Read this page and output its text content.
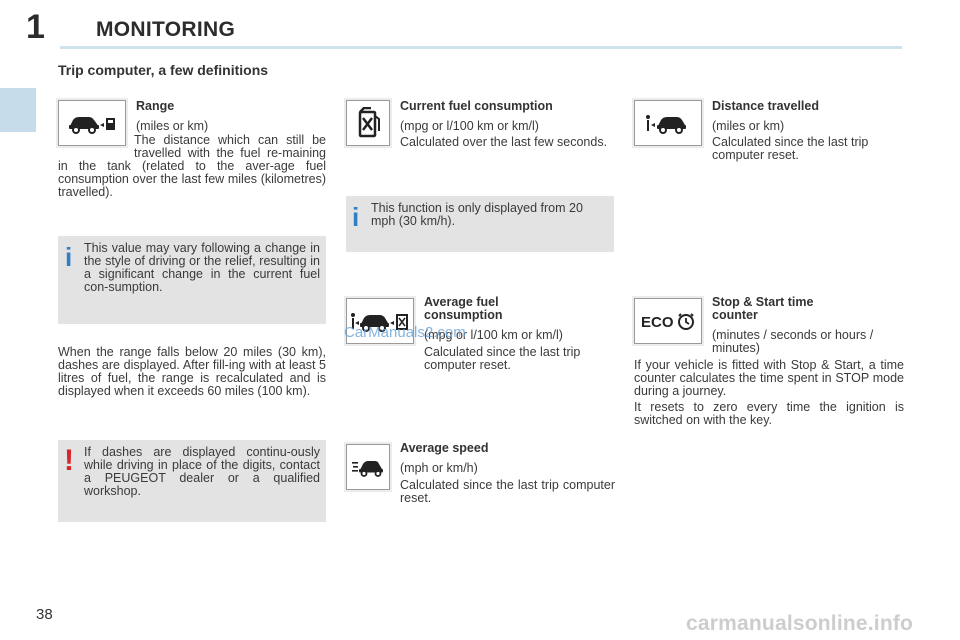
1 MONITORING
Trip computer, a few definitions
Range
(miles or km)
The distance which can still be travelled with the fuel re-maining in the tank (related to the aver-age fuel consumption over the last few miles (kilometres) travelled).
i This value may vary following a change in the style of driving or the relief, resulting in a significant change in the current fuel con-sumption.
When the range falls below 20 miles (30 km), dashes are displayed. After fill-ing with at least 5 litres of fuel, the range is recalculated and is displayed when it exceeds 60 miles (100 km).
! If dashes are displayed continu-ously while driving in place of the digits, contact a PEUGEOT dealer or a qualified workshop.
Current fuel consumption
(mpg or l/100 km or km/l)
Calculated over the last few seconds.
i This function is only displayed from 20 mph (30 km/h).
Average fuel consumption
(mpg or l/100 km or km/l)
Calculated since the last trip computer reset.
Average speed
(mph or km/h)
Calculated since the last trip computer reset.
Distance travelled
(miles or km)
Calculated since the last trip computer reset.
ECO
Stop & Start time counter
(minutes / seconds or hours / minutes)
If your vehicle is fitted with Stop & Start, a time counter calculates the time spent in STOP mode during a journey.
It resets to zero every time the ignition is switched on with the key.
CarManuals2.com
38	carmanualsonline.info
